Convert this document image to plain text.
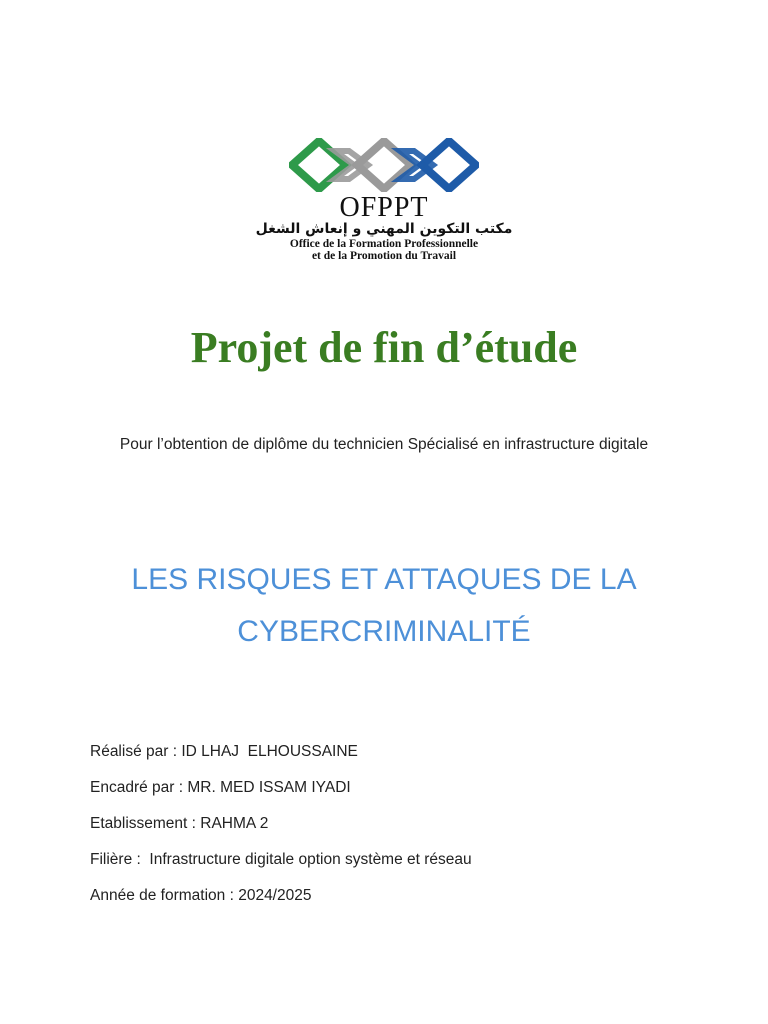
OFPPT
مكتب التكوين المهني و إنعاش الشغل
Office de la Formation Professionnelle
et de la Promotion du Travail
Projet de fin d’étude
Pour l’obtention de diplôme du technicien Spécialisé en infrastructure digitale
LES RISQUES ET ATTAQUES DE LA
CYBERCRIMINALITÉ
Réalisé par : ID LHAJ  ELHOUSSAINE
Encadré par : MR. MED ISSAM IYADI
Etablissement : RAHMA 2
Filière :  Infrastructure digitale option système et réseau
Année de formation : 2024/2025
